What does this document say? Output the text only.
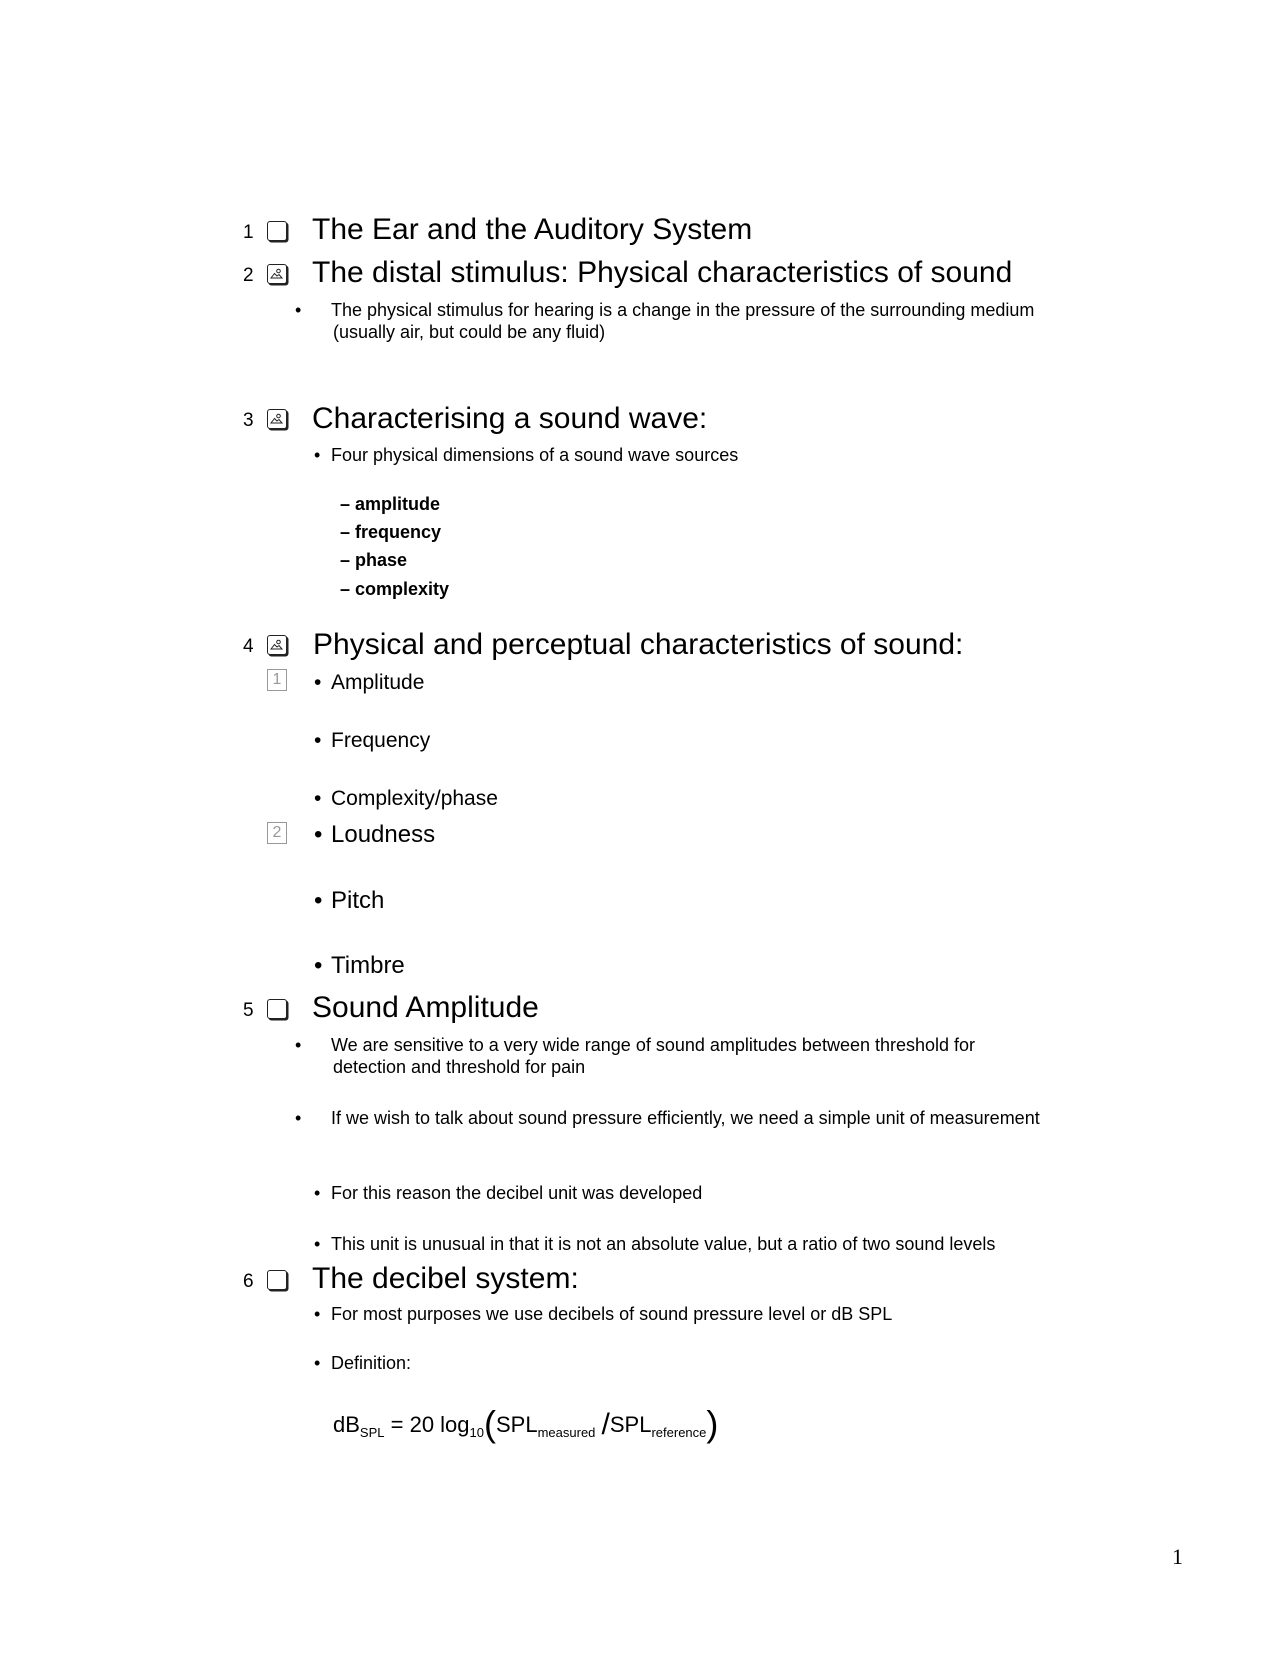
1 The Ear and the Auditory System
2 The distal stimulus: Physical characteristics of sound
• The physical stimulus for hearing is a change in the pressure of the surrounding medium (usually air, but could be any fluid)
3 Characterising a sound wave:
• Four physical dimensions of a sound wave sources
– amplitude
– frequency
– phase
– complexity
4 Physical and perceptual characteristics of sound:
1 • Amplitude
• Frequency
• Complexity/phase
2 • Loudness
• Pitch
• Timbre
5 Sound Amplitude
• We are sensitive to a very wide range of sound amplitudes between threshold for detection and threshold for pain
• If we wish to talk about sound pressure efficiently, we need a simple unit of measurement
• For this reason the decibel unit was developed
• This unit is unusual in that it is not an absolute value, but a ratio of two sound levels
6 The decibel system:
• For most purposes we use decibels of sound pressure level or dB SPL
• Definition:
$dB_{SPL} = 20$ $\log_{10}(SPL_{measured}$ $/SPL_{reference}$)
1
